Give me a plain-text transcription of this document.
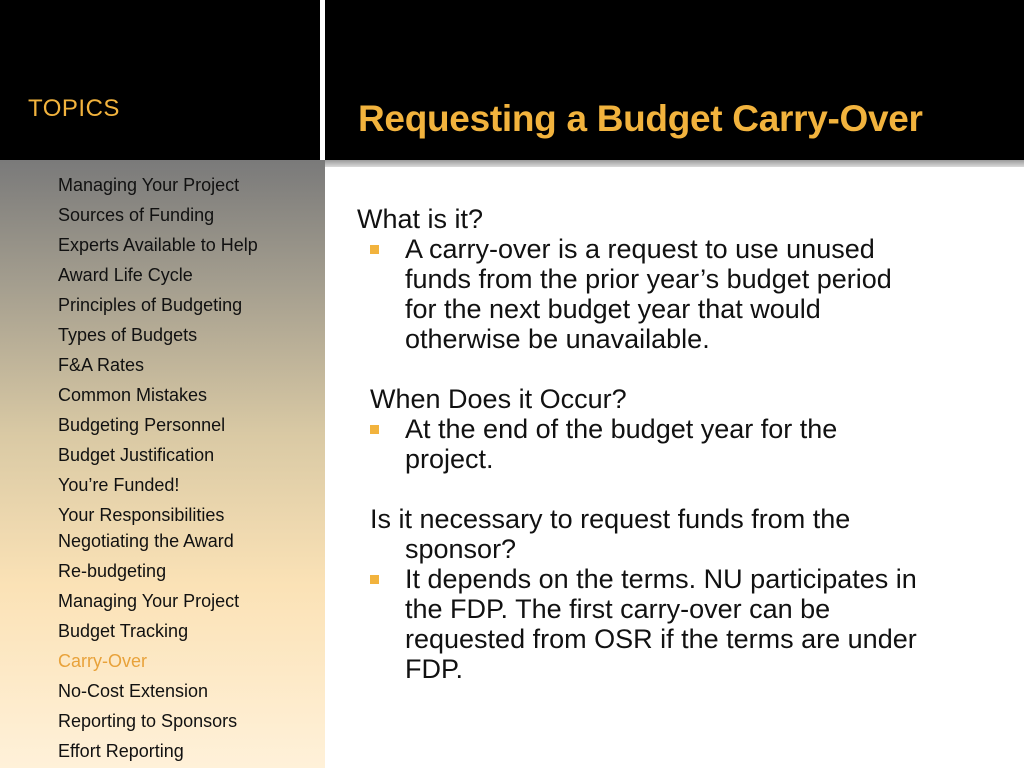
TOPICS
Managing Your Project
Sources of Funding
Experts Available to Help
Award Life Cycle
Principles of Budgeting
Types of Budgets
F&A Rates
Common Mistakes
Budgeting Personnel
Budget Justification
You’re Funded!
Your Responsibilities
Negotiating the Award
Re-budgeting
Managing Your Project
Budget Tracking
Carry-Over
No-Cost Extension
Reporting to Sponsors
Effort Reporting
Requesting a Budget Carry-Over
What is it?
A carry-over is a request to use unused
funds from the prior year’s budget period
for the next budget year that would
otherwise be unavailable.
When Does it Occur?
At the end of the budget year for the
project.
Is it necessary to request funds from the
sponsor?
It depends on the terms. NU participates in
the FDP. The first carry-over can be
requested from OSR if the terms are under
FDP.
